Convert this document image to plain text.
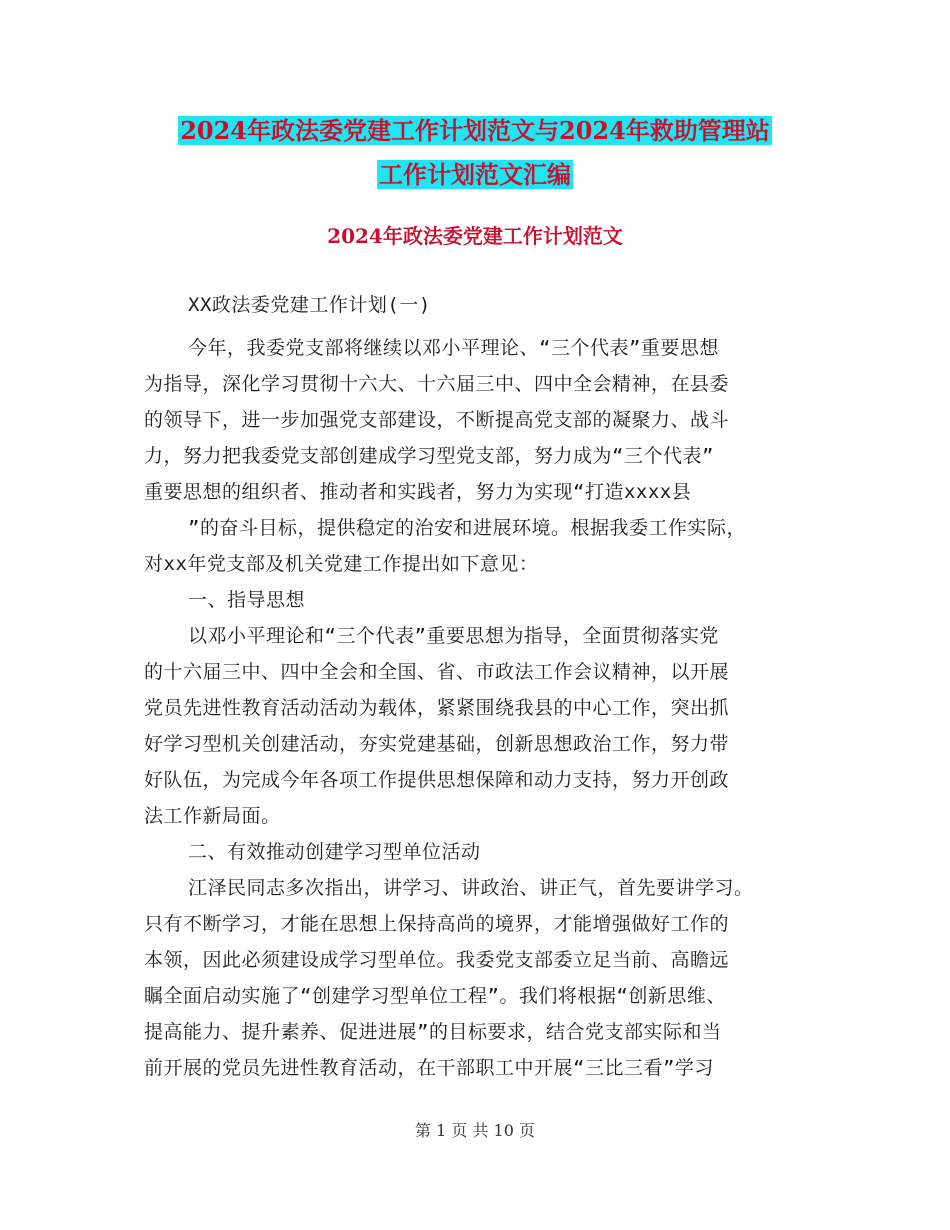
2024年政法委党建工作计划范文与2024年救助管理站
工作计划范文汇编
2024年政法委党建工作计划范文
XX政法委党建工作计划(一)
今年，我委党支部将继续以邓小平理论、“三个代表”重要思想
为指导，深化学习贯彻十六大、十六届三中、四中全会精神，在县委
的领导下，进一步加强党支部建设，不断提高党支部的凝聚力、战斗
力，努力把我委党支部创建成学习型党支部，努力成为“三个代表”
重要思想的组织者、推动者和实践者，努力为实现“打造xxxx县
”的奋斗目标，提供稳定的治安和进展环境。根据我委工作实际，
对xx年党支部及机关党建工作提出如下意见：
一、指导思想
以邓小平理论和“三个代表”重要思想为指导，全面贯彻落实党
的十六届三中、四中全会和全国、省、市政法工作会议精神，以开展
党员先进性教育活动活动为载体，紧紧围绕我县的中心工作，突出抓
好学习型机关创建活动，夯实党建基础，创新思想政治工作，努力带
好队伍，为完成今年各项工作提供思想保障和动力支持，努力开创政
法工作新局面。
二、有效推动创建学习型单位活动
江泽民同志多次指出，讲学习、讲政治、讲正气，首先要讲学习。
只有不断学习，才能在思想上保持高尚的境界，才能增强做好工作的
本领，因此必须建设成学习型单位。我委党支部委立足当前、高瞻远
瞩全面启动实施了“创建学习型单位工程”。我们将根据“创新思维、
提高能力、提升素养、促进进展”的目标要求，结合党支部实际和当
前开展的党员先进性教育活动，在干部职工中开展“三比三看”学习
第 1 页 共 10 页
